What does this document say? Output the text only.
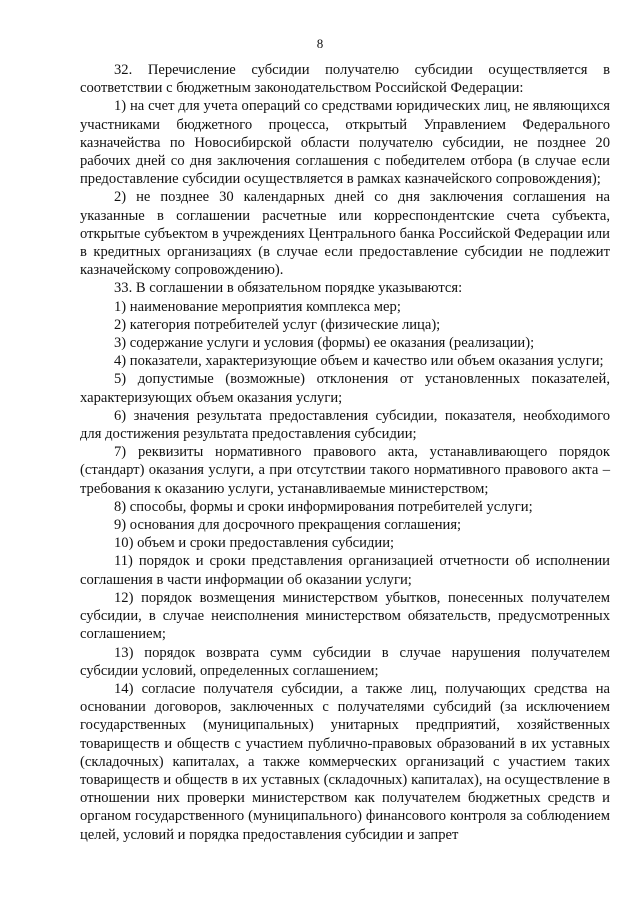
8

32. Перечисление субсидии получателю субсидии осуществляется в соответствии с бюджетным законодательством Российской Федерации:

1) на счет для учета операций со средствами юридических лиц, не являющихся участниками бюджетного процесса, открытый Управлением Федерального казначейства по Новосибирской области получателю субсидии, не позднее 20 рабочих дней со дня заключения соглашения с победителем отбора (в случае если предоставление субсидии осуществляется в рамках казначейского сопровождения);

2) не позднее 30 календарных дней со дня заключения соглашения на указанные в соглашении расчетные или корреспондентские счета субъекта, открытые субъектом в учреждениях Центрального банка Российской Федерации или в кредитных организациях (в случае если предоставление субсидии не подлежит казначейскому сопровождению).

33. В соглашении в обязательном порядке указываются:

1) наименование мероприятия комплекса мер;

2) категория потребителей услуг (физические лица);

3) содержание услуги и условия (формы) ее оказания (реализации);

4) показатели, характеризующие объем и качество или объем оказания услуги;

5) допустимые (возможные) отклонения от установленных показателей, характеризующих объем оказания услуги;

6) значения результата предоставления субсидии, показателя, необходимого для достижения результата предоставления субсидии;

7) реквизиты нормативного правового акта, устанавливающего порядок (стандарт) оказания услуги, а при отсутствии такого нормативного правового акта – требования к оказанию услуги, устанавливаемые министерством;

8) способы, формы и сроки информирования потребителей услуги;

9) основания для досрочного прекращения соглашения;

10) объем и сроки предоставления субсидии;

11) порядок и сроки представления организацией отчетности об исполнении соглашения в части информации об оказании услуги;

12) порядок возмещения министерством убытков, понесенных получателем субсидии, в случае неисполнения министерством обязательств, предусмотренных соглашением;

13) порядок возврата сумм субсидии в случае нарушения получателем субсидии условий, определенных соглашением;

14) согласие получателя субсидии, а также лиц, получающих средства на основании договоров, заключенных с получателями субсидий (за исключением государственных (муниципальных) унитарных предприятий, хозяйственных товариществ и обществ с участием публично-правовых образований в их уставных (складочных) капиталах, а также коммерческих организаций с участием таких товариществ и обществ в их уставных (складочных) капиталах), на осуществление в отношении них проверки министерством как получателем бюджетных средств и органом государственного (муниципального) финансового контроля за соблюдением целей, условий и порядка предоставления субсидии и запрет
